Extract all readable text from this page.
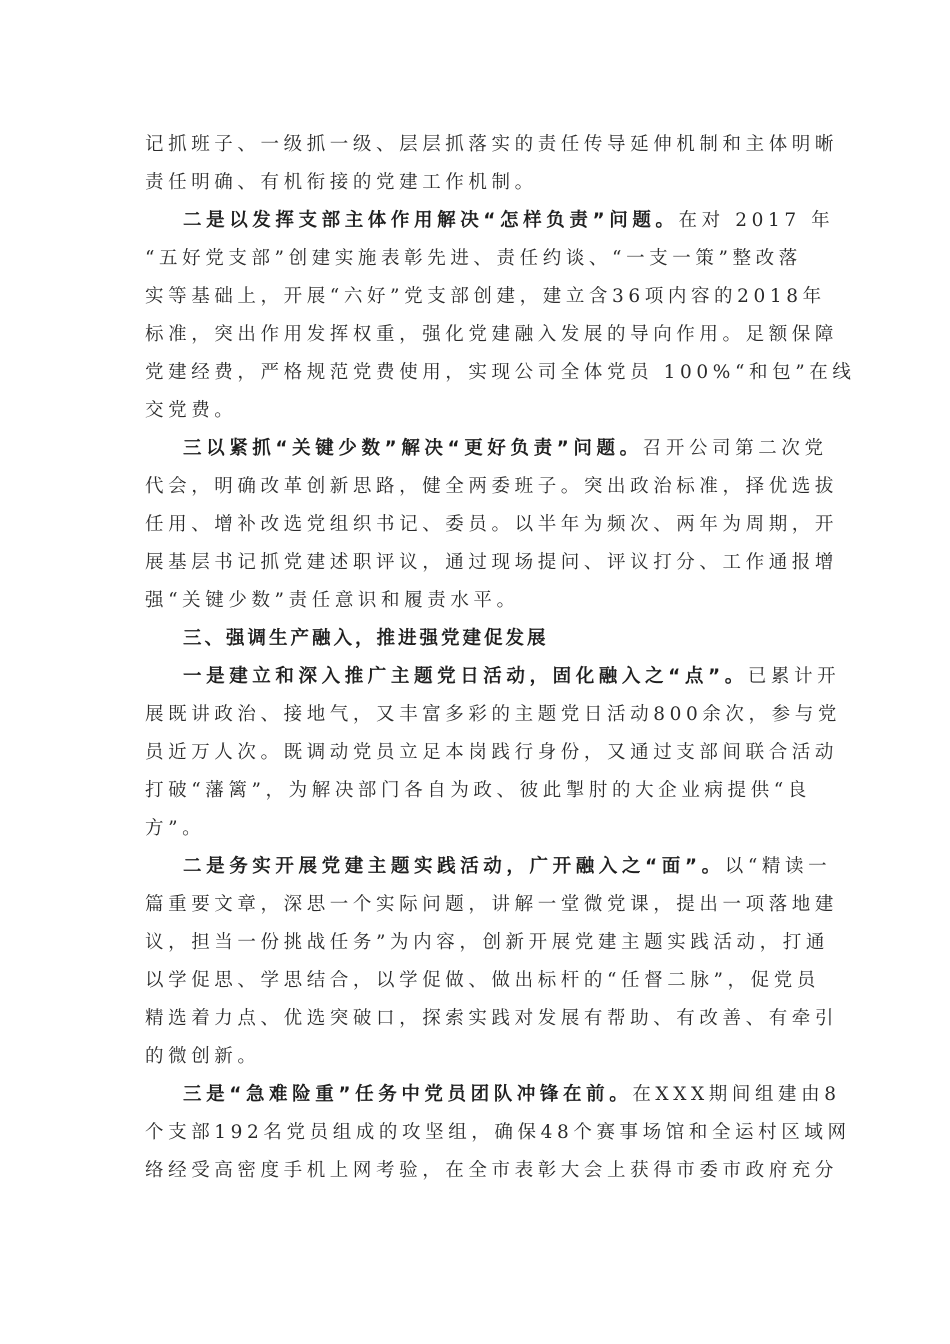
记抓班子、一级抓一级、层层抓落实的责任传导延伸机制和主体明晰
责任明确、有机衔接的党建工作机制。
二是以发挥支部主体作用解决“怎样负责”问题。在对 2017 年
“五好党支部”创建实施表彰先进、责任约谈、“一支一策”整改落
实等基础上，开展“六好”党支部创建，建立含36项内容的2018年
标准，突出作用发挥权重，强化党建融入发展的导向作用。足额保障
党建经费，严格规范党费使用，实现公司全体党员 100%“和包”在线
交党费。
三以紧抓“关键少数”解决“更好负责”问题。召开公司第二次党
代会，明确改革创新思路，健全两委班子。突出政治标准，择优选拔
任用、增补改选党组织书记、委员。以半年为频次、两年为周期，开
展基层书记抓党建述职评议，通过现场提问、评议打分、工作通报增
强“关键少数”责任意识和履责水平。
三、强调生产融入，推进强党建促发展
一是建立和深入推广主题党日活动，固化融入之“点”。已累计开
展既讲政治、接地气，又丰富多彩的主题党日活动800余次，参与党
员近万人次。既调动党员立足本岗践行身份，又通过支部间联合活动
打破“藩篱”，为解决部门各自为政、彼此掣肘的大企业病提供“良
方”。
二是务实开展党建主题实践活动，广开融入之“面”。以“精读一
篇重要文章，深思一个实际问题，讲解一堂微党课，提出一项落地建
议，担当一份挑战任务”为内容，创新开展党建主题实践活动，打通
以学促思、学思结合，以学促做、做出标杆的“任督二脉”，促党员
精选着力点、优选突破口，探索实践对发展有帮助、有改善、有牵引
的微创新。
三是“急难险重”任务中党员团队冲锋在前。在XXX期间组建由8
个支部192名党员组成的攻坚组，确保48个赛事场馆和全运村区域网
络经受高密度手机上网考验，在全市表彰大会上获得市委市政府充分
